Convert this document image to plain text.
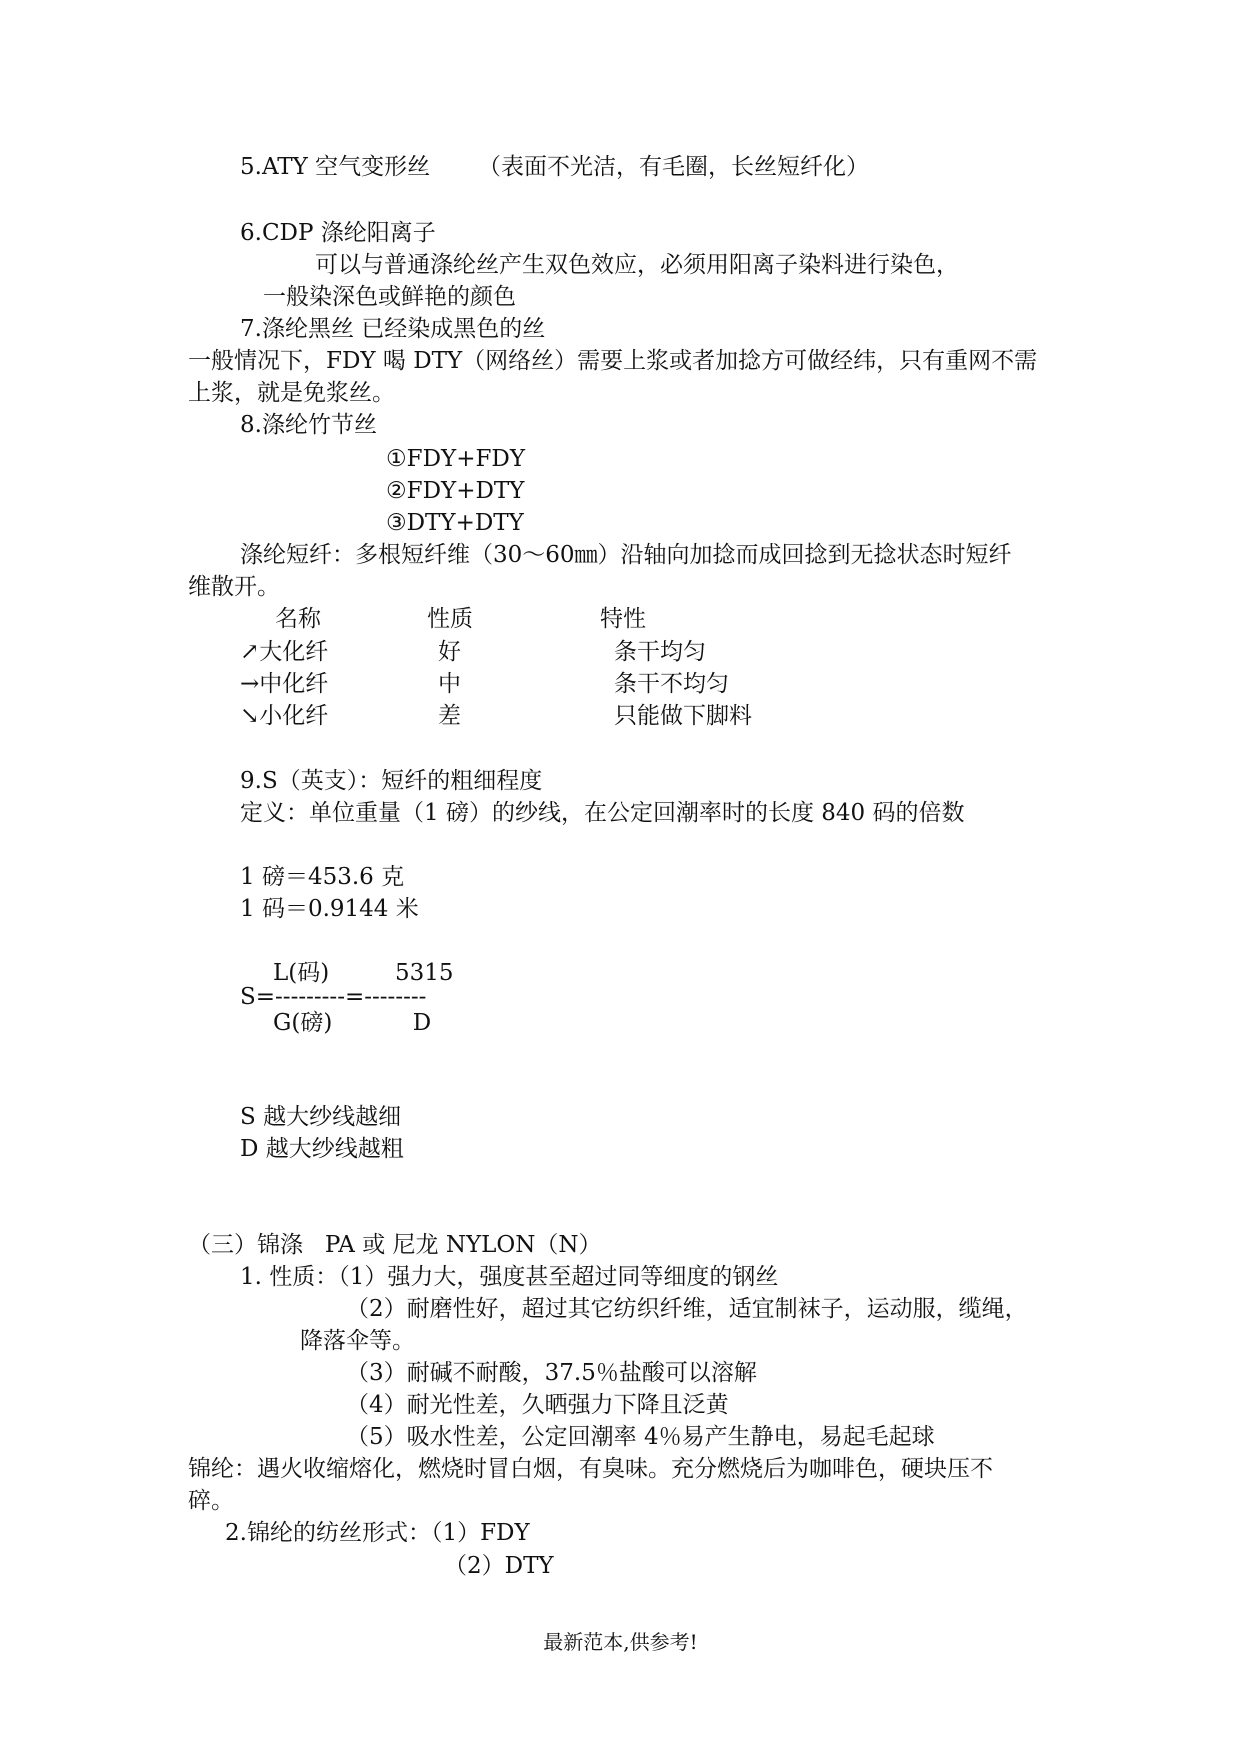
5.ATY 空气变形丝 （表面不光洁，有毛圈，长丝短纤化）

6.CDP 涤纶阳离子

可以与普通涤纶丝产生双色效应，必须用阳离子染料进行染色，

一般染深色或鲜艳的颜色

7.涤纶黑丝 已经染成黑色的丝

一般情况下，FDY 喝 DTY（网络丝）需要上浆或者加捻方可做经纬，只有重网不需

上浆，就是免浆丝。

8.涤纶竹节丝

①FDY+FDY

②FDY+DTY

③DTY+DTY

涤纶短纤：多根短纤维（30～60㎜）沿轴向加捻而成回捻到无捻状态时短纤

维散开。

名称	性质	特性

↗大化纤	好	条干均匀

→中化纤	中	条干不均匀

↘小化纤	差	只能做下脚料

9.S（英支）：短纤的粗细程度

定义：单位重量（1 磅）的纱线，在公定回潮率时的长度 840 码的倍数

1 磅＝453.6 克

1 码＝0.9144 米

L(码)         5315

S=---------=--------

G(磅)           D

S 越大纱线越细

D 越大纱线越粗

（三）锦涤   PA 或 尼龙 NYLON（N）

1. 性质：（1）强力大，强度甚至超过同等细度的钢丝

（2）耐磨性好，超过其它纺织纤维，适宜制袜子，运动服，缆绳，

降落伞等。

（3）耐碱不耐酸，37.5％盐酸可以溶解

（4）耐光性差，久晒强力下降且泛黄

（5）吸水性差，公定回潮率 4％易产生静电，易起毛起球

锦纶：遇火收缩熔化，燃烧时冒白烟，有臭味。充分燃烧后为咖啡色，硬块压不

碎。

2.锦纶的纺丝形式：（1）FDY

（2）DTY

最新范本,供参考!
